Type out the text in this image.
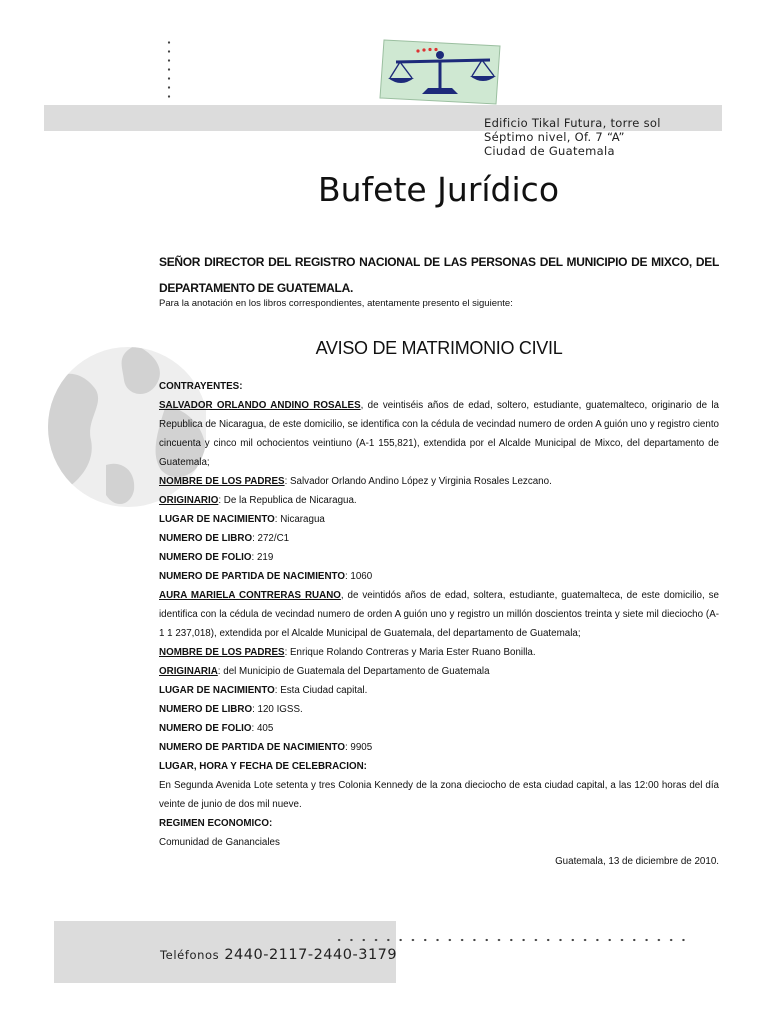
Edificio Tikal Futura, torre sol
Séptimo nivel, Of. 7 “A”
Ciudad de Guatemala
Bufete Jurídico
SEÑOR DIRECTOR DEL REGISTRO NACIONAL DE LAS PERSONAS DEL MUNICIPIO DE MIXCO, DEL DEPARTAMENTO DE GUATEMALA.
Para la anotación en los libros correspondientes, atentamente presento el siguiente:
AVISO DE MATRIMONIO CIVIL
CONTRAYENTES:
SALVADOR ORLANDO ANDINO ROSALES, de veintiséis años de edad, soltero, estudiante, guatemalteco, originario de la Republica de Nicaragua, de este domicilio, se identifica con la cédula de vecindad numero de orden A guión uno y registro ciento cincuenta y cinco mil ochocientos veintiuno (A-1 155,821), extendida por el Alcalde Municipal de Mixco, del departamento de Guatemala;
NOMBRE DE LOS PADRES: Salvador Orlando Andino López y Virginia Rosales Lezcano.
ORIGINARIO: De la Republica de Nicaragua.
LUGAR DE NACIMIENTO: Nicaragua
NUMERO DE LIBRO: 272/C1
NUMERO DE FOLIO: 219
NUMERO DE PARTIDA DE NACIMIENTO: 1060
AURA MARIELA CONTRERAS RUANO, de veintidós años de edad, soltera, estudiante, guatemalteca, de este domicilio, se identifica con la cédula de vecindad numero de orden A guión uno y registro un millón doscientos treinta y siete mil dieciocho (A-1 1 237,018), extendida por el Alcalde Municipal de Guatemala, del departamento de Guatemala;
NOMBRE DE LOS PADRES: Enrique Rolando Contreras y Maria Ester Ruano Bonilla.
ORIGINARIA: del Municipio de Guatemala del Departamento de Guatemala
LUGAR DE NACIMIENTO: Esta Ciudad capital.
NUMERO DE LIBRO: 120 IGSS.
NUMERO DE FOLIO: 405
NUMERO DE PARTIDA DE NACIMIENTO: 9905
LUGAR, HORA Y FECHA DE CELEBRACION:
En Segunda Avenida Lote setenta y tres Colonia Kennedy de la zona dieciocho de esta ciudad capital, a las 12:00 horas del día veinte de junio de dos mil nueve.
REGIMEN ECONOMICO:
Comunidad de Gananciales
Guatemala, 13 de diciembre de 2010.
Teléfonos 2440-2117-2440-3179
